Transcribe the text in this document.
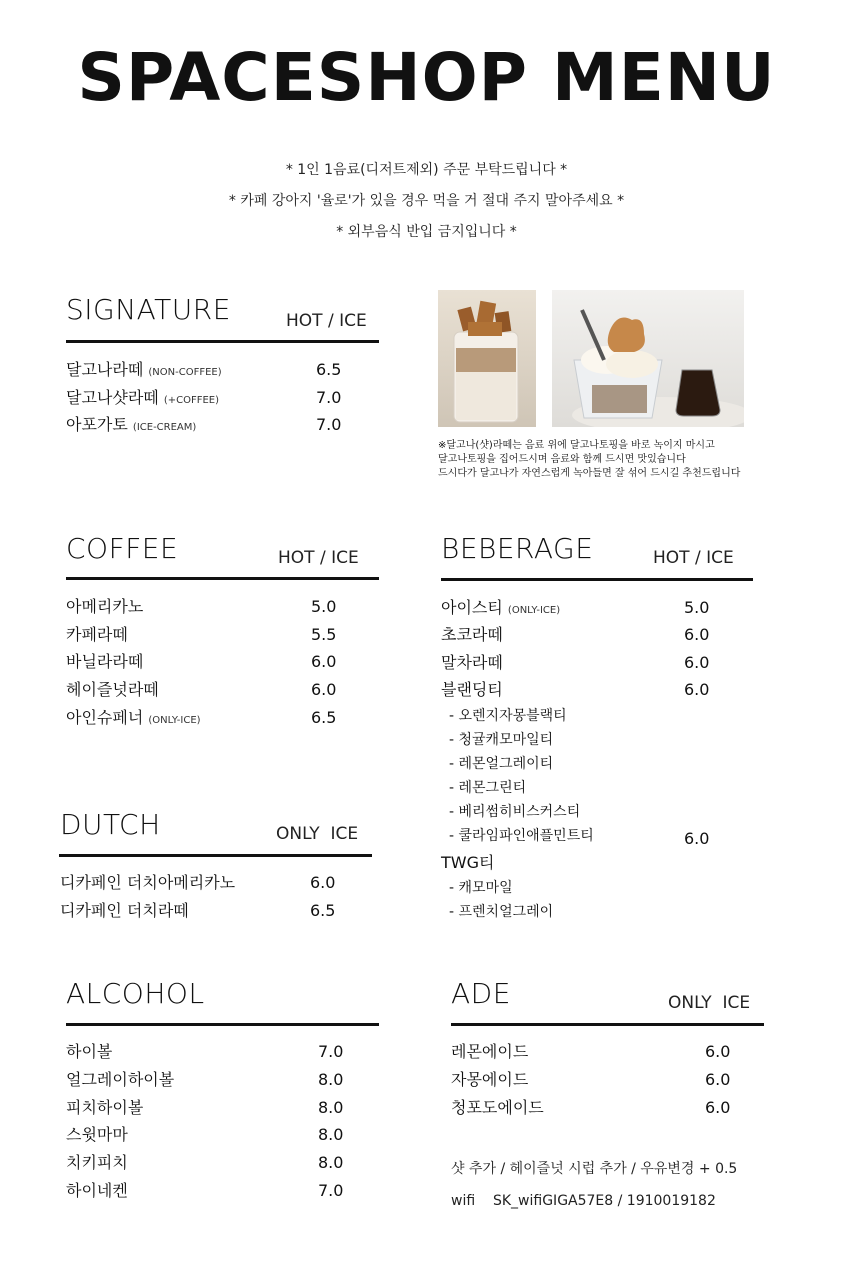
SPACESHOP MENU
* 1인 1음료(디저트제외) 주문 부탁드립니다 *
* 카페 강아지 '율로'가 있을 경우 먹을 거 절대 주지 말아주세요 *
* 외부음식 반입 금지입니다 *
SIGNATURE	HOT / ICE
달고나라떼 (NON-COFFEE)	6.5
달고나샷라떼 (+COFFEE)	7.0
아포가토 (ICE-CREAM)	7.0
※달고나(샷)라떼는 음료 위에 달고나토핑을 바로 녹이지 마시고
달고나토핑을 집어드시며 음료와 함께 드시면 맛있습니다
드시다가 달고나가 자연스럽게 녹아들면 잘 섞어 드시길 추천드립니다
COFFEE	HOT / ICE
아메리카노	5.0
카페라떼	5.5
바닐라라떼	6.0
헤이즐넛라떼	6.0
아인슈페너 (ONLY-ICE)	6.5
DUTCH	ONLY  ICE
디카페인 더치아메리카노	6.0
디카페인 더치라떼	6.5
BEBERAGE	HOT / ICE
아이스티 (ONLY-ICE)	5.0
초코라떼	6.0
말차라떼	6.0
블랜딩티	6.0
- 오렌지자몽블랙티
- 청귤캐모마일티
- 레몬얼그레이티
- 레몬그린티
- 베리썸히비스커스티
- 쿨라임파인애플민트티	6.0
TWG티
- 캐모마일
- 프렌치얼그레이
ALCOHOL
하이볼	7.0
얼그레이하이볼	8.0
피치하이볼	8.0
스윗마마	8.0
치키피치	8.0
하이네켄	7.0
ADE	ONLY  ICE
레몬에이드	6.0
자몽에이드	6.0
청포도에이드	6.0
샷 추가 / 헤이즐넛 시럽 추가 / 우유변경 + 0.5
wifi SK_wifiGIGA57E8 / 1910019182
